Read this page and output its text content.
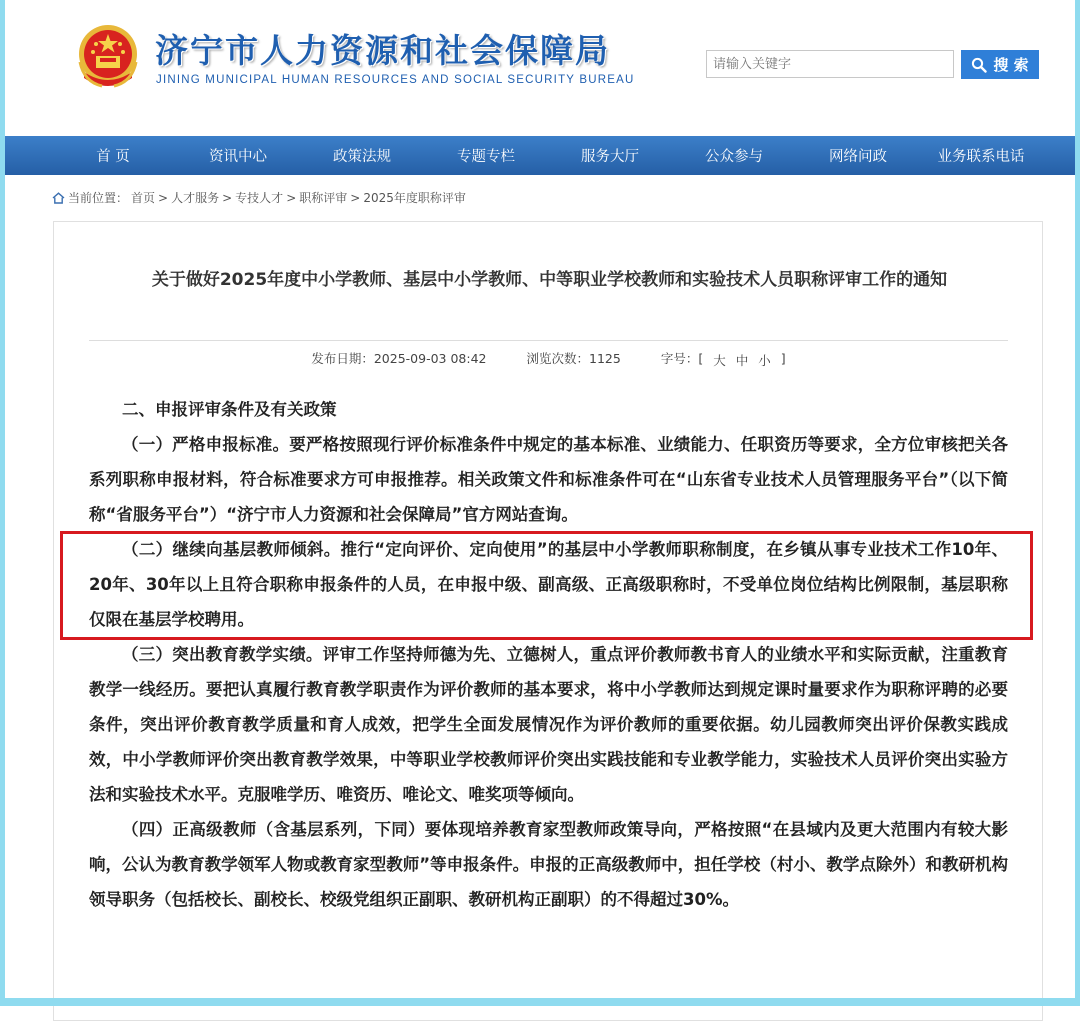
济宁市人力资源和社会保障局
JINING MUNICIPAL HUMAN RESOURCES AND SOCIAL SECURITY BUREAU
请输入关键字
搜 索
首 页	资讯中心	政策法规	专题专栏	服务大厅	公众参与	网络问政	业务联系电话
当前位置： 首页 > 人才服务 > 专技人才 > 职称评审 > 2025年度职称评审
关于做好2025年度中小学教师、基层中小学教师、中等职业学校教师和实验技术人员职称评审工作的通知
发布日期：2025-09-03 08:42	浏览次数：1125	字号： [ 大 中 小 ]

二、申报评审条件及有关政策

（一）严格申报标准。要严格按照现行评价标准条件中规定的基本标准、业绩能力、任职资历等要求，全方位审核把关各系列职称申报材料，符合标准要求方可申报推荐。相关政策文件和标准条件可在“山东省专业技术人员管理服务平台”（以下简称“省服务平台”）“济宁市人力资源和社会保障局”官方网站查询。

（二）继续向基层教师倾斜。推行“定向评价、定向使用”的基层中小学教师职称制度，在乡镇从事专业技术工作10年、20年、30年以上且符合职称申报条件的人员，在申报中级、副高级、正高级职称时，不受单位岗位结构比例限制，基层职称仅限在基层学校聘用。

（三）突出教育教学实绩。评审工作坚持师德为先、立德树人，重点评价教师教书育人的业绩水平和实际贡献，注重教育教学一线经历。要把认真履行教育教学职责作为评价教师的基本要求，将中小学教师达到规定课时量要求作为职称评聘的必要条件，突出评价教育教学质量和育人成效，把学生全面发展情况作为评价教师的重要依据。幼儿园教师突出评价保教实践成效，中小学教师评价突出教育教学效果，中等职业学校教师评价突出实践技能和专业教学能力，实验技术人员评价突出实验方法和实验技术水平。克服唯学历、唯资历、唯论文、唯奖项等倾向。

（四）正高级教师（含基层系列，下同）要体现培养教育家型教师政策导向，严格按照“在县域内及更大范围内有较大影响，公认为教育教学领军人物或教育家型教师”等申报条件。申报的正高级教师中，担任学校（村小、教学点除外）和教研机构领导职务（包括校长、副校长、校级党组织正副职、教研机构正副职）的不得超过30%。
